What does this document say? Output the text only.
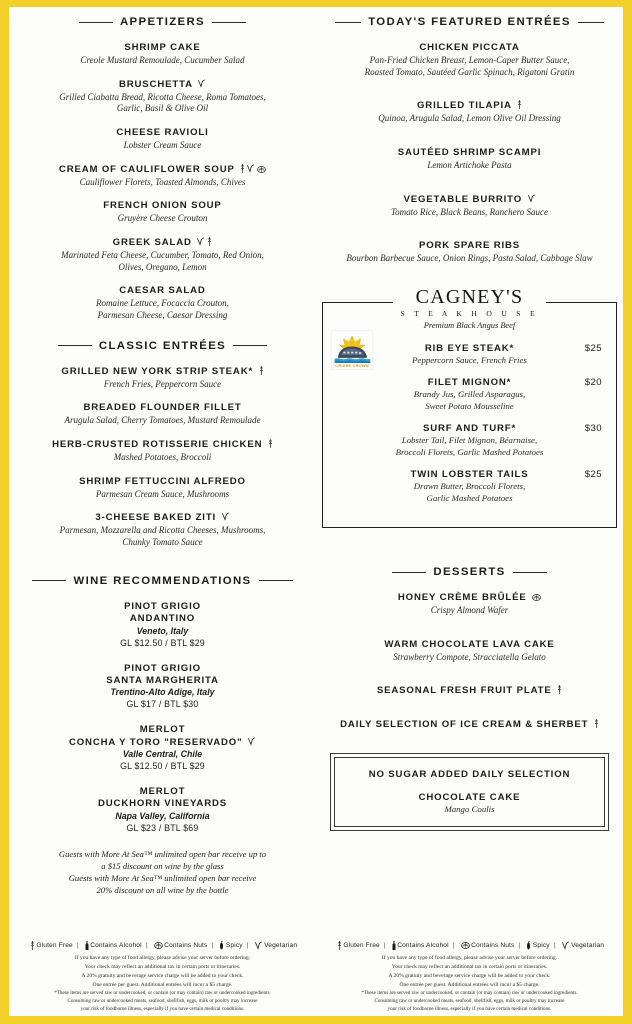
APPETIZERS
SHRIMP CAKE
Creole Mustard Remoulade, Cucumber Salad
BRUSCHETTA
Grilled Ciabatta Bread, Ricotta Cheese, Roma Tomatoes,
Garlic, Basil & Olive Oil
CHEESE RAVIOLI
Lobster Cream Sauce
CREAM OF CAULIFLOWER SOUP
Cauliflower Florets, Toasted Almonds, Chives
FRENCH ONION SOUP
Gruyère Cheese Crouton
GREEK SALAD
Marinated Feta Cheese, Cucumber, Tomato, Red Onion,
Olives, Oregano, Lemon
CAESAR SALAD
Romaine Lettuce, Focaccia Crouton,
Parmesan Cheese, Caesar Dressing
CLASSIC ENTRÉES
GRILLED NEW YORK STRIP STEAK*
French Fries, Peppercorn Sauce
BREADED FLOUNDER FILLET
Arugula Salad, Cherry Tomatoes, Mustard Remoulade
HERB-CRUSTED ROTISSERIE CHICKEN
Mashed Potatoes, Broccoli
SHRIMP FETTUCCINI ALFREDO
Parmesan Cream Sauce, Mushrooms
3-CHEESE BAKED ZITI
Parmesan, Mozzarella and Ricotta Cheeses, Mushrooms,
Chunky Tomato Sauce
WINE RECOMMENDATIONS
PINOT GRIGIO
ANDANTINO
Veneto, Italy
GL $12.50 / BTL $29
PINOT GRIGIO
SANTA MARGHERITA
Trentino-Alto Adige, Italy
GL $17 / BTL $30
MERLOT
CONCHA Y TORO "RESERVADO"
Valle Central, Chile
GL $12.50 / BTL $29
MERLOT
DUCKHORN VINEYARDS
Napa Valley, California
GL $23 / BTL $69
Guests with More At Sea™ unlimited open bar receive up to
a $15 discount on wine by the glass
Guests with More At Sea™ unlimited open bar receive
20% discount on all wine by the bottle
Gluten Free | Contains Alcohol |	Contains Nuts | Spicy | Vegetarian
If you have any type of food allergy, please advise your server before ordering.
Your check may reflect an additional tax in certain ports or itineraries.
A 20% gratuity and beverage service charge will be added to your check.
One entrée per guest. Additional entrées will incur a $5 charge.
*These items are served raw or undercooked, or contain (or may contain) raw or undercooked ingredients.
Consuming raw or undercooked meats, seafood, shellfish, eggs, milk or poultry may increase
your risk of foodborne illness, especially if you have certain medical conditions.
TODAY'S FEATURED ENTRÉES
CHICKEN PICCATA
Pan-Fried Chicken Breast, Lemon-Caper Butter Sauce,
Roasted Tomato, Sautéed Garlic Spinach, Rigatoni Gratin
GRILLED TILAPIA
Quinoa, Arugula Salad, Lemon Olive Oil Dressing
SAUTÉED SHRIMP SCAMPI
Lemon Artichoke Pasta
VEGETABLE BURRITO
Tomato Rice, Black Beans, Ranchero Sauce
PORK SPARE RIBS
Bourbon Barbecue Sauce, Onion Rings, Pasta Salad, Cabbage Slaw
CAGNEY'S
S T E A K H O U S E
Premium Black Angus Beef
CRUISE CROWN
RIB EYE STEAK*	$25
Peppercorn Sauce, French Fries
FILET MIGNON*	$20
Brandy Jus, Grilled Asparagus,
Sweet Potato Mousseline
SURF AND TURF*	$30
Lobster Tail, Filet Mignon, Béarnaise,
Broccoli Florets, Garlic Mashed Potatoes
TWIN LOBSTER TAILS	$25
Drawn Butter, Broccoli Florets,
Garlic Mashed Potatoes
DESSERTS
HONEY CRÈME BRÛLÉE
Crispy Almond Wafer
WARM CHOCOLATE LAVA CAKE
Strawberry Compote, Stracciatella Gelato
SEASONAL FRESH FRUIT PLATE
DAILY SELECTION OF ICE CREAM & SHERBET
NO SUGAR ADDED DAILY SELECTION
CHOCOLATE CAKE
Mango Coulis
Gluten Free | Contains Alcohol |	Contains Nuts | Spicy | Vegetarian
If you have any type of food allergy, please advise your server before ordering.
Your check may reflect an additional tax in certain ports or itineraries.
A 20% gratuity and beverage service charge will be added to your check.
One entrée per guest. Additional entrées will incur a $5 charge.
*These items are served raw or undercooked, or contain (or may contain) raw or undercooked ingredients.
Consuming raw or undercooked meats, seafood, shellfish, eggs, milk or poultry may increase
your risk of foodborne illness, especially if you have certain medical conditions.
